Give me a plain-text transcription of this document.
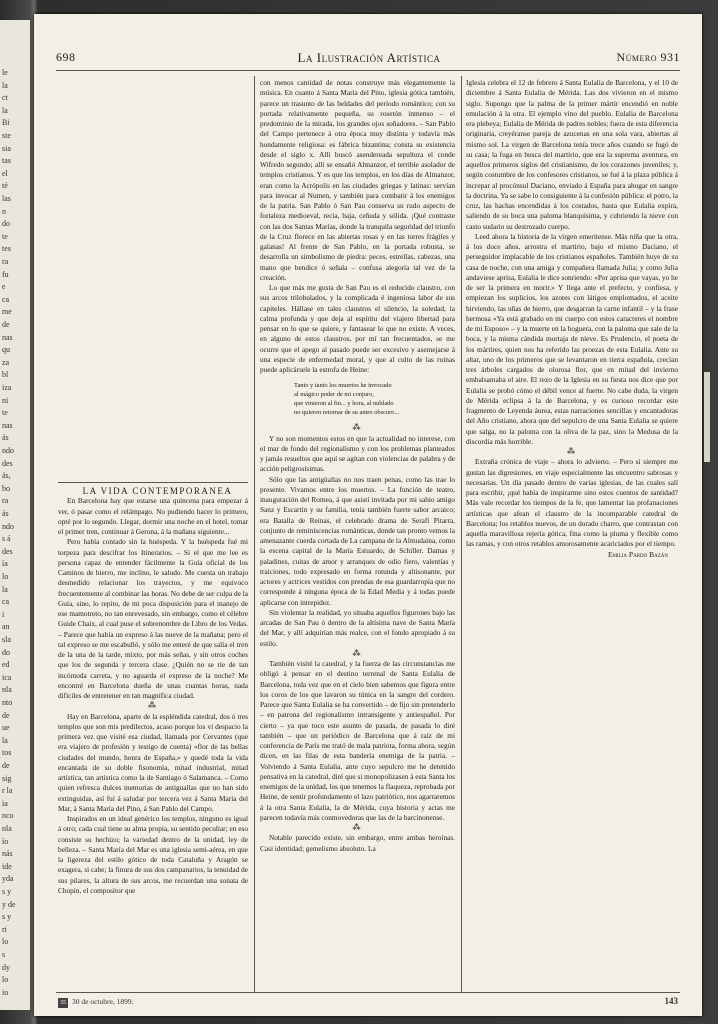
le
la
ct
la
Bi
ste
sia
tas
el
té
las
n
do
te
tes
ra
fu
e
ca
me
de
nas
qu
za
bl
iza
ni
te
nas
ás
ndo
des
ás,
bo
ra
ás
ndo
s á
des
ía
lo
la
ca
i
an
sla
do
ed
ica
nla
nto
de
ue
la
tos
de
sig
r la
ia
nco
nla
ío
nás
ide
yda
s y
y de
s y
ri
lo
s
dy
lo
io
698	La Ilustración Artística	Número 931

LA VIDA CONTEMPORANEA

En Barcelona hay que estarse una quincena para empezar á ver, ó pasar como el relámpago. No pudiendo hacer lo primero, opté por lo segundo. Llegar, dormir una noche en el hotel, tomar el primer tren, continuar á Gerona, á la mañana siguiente...

Pero había contado sin la huéspeda. Y la huéspeda fué mi torpeza para descifrar los Itinerarios. – Si el que me lee es persona capaz de entender fácilmente la Guía oficial de los Caminos de hierro, me inclino, le saludo. Me cuesta un trabajo desmedido relacionar los trayectos, y me equivoco frecuentemente al combinar las horas. No debe de ser culpa de la Guía, sino, lo repito, de mi poca disposición para el manejo de ese mamotreto, no tan enrevesado, sin embargo, como el célebre Guide Chaix, al cual puse el sobrenombre de Libro de los Vedas. – Parece que había un expreso á las nueve de la mañana; pero el tal expreso se me escabulló, y sólo me enteré de que salía el tren de la una de la tarde, mixto, por más señas, y sin otros coches que los de segunda y tercera clase. ¿Quién no se ríe de tan incómoda carreta, y no aguarda el expreso de la noche? Me encontré en Barcelona dueña de unas cuantas horas, nada difíciles de entretener en tan magnífica ciudad.

⁂

Hay en Barcelona, aparte de la espléndida catedral, dos ó tres templos que son mis predilectos, acaso porque los ví despacio la primera vez que visité esa ciudad, llamada por Cervantes (que era viajero de profesión y testigo de cuenta) «flor de las bellas ciudades del mundo, honra de España,» y quedé toda la vida encantada de su doble fisonomía, mitad industrial, mitad artística, tan artística como la de Santiago ó Salamanca. – Como quien refresca dulces memorias de antiguallas que no han sido extinguidas, así fuí á saludar por tercera vez á Santa María del Mar, á Santa María del Pino, á San Pablo del Campo.

Inspirados en un ideal genérico los templos, ninguno es igual á otro; cada cual tiene su alma propia, su sentido peculiar; en eso consiste su hechizo; la variedad dentro de la unidad, ley de belleza. – Santa María del Mar es una iglesia semi-aérea, en que la ligereza del estilo gótico de toda Cataluña y Aragón se exagera, si cabe; la finura de sus dos campanarios, la tenuidad de sus pilares, la altura de sus arcos, me recuerdan una sonata de Chopin, el compositor que

con menos cantidad de notas construye más elegantemente la música. En cuanto á Santa María del Pino, iglesia gótica también, parece un trasunto de las beldades del período romántico; con su portada relativamente pequeña, su rosetón inmenso – el predominio de la mirada, los grandes ojos soñadores. – San Pablo del Campo pertenece á otra época muy distinta y todavía más hondamente religiosa: es fábrica bizantina; consta su existencia desde el siglo x. Allí buscó asendereada sepultura el conde Wifredo segundo; allí se ensañó Almanzor, el terrible asolador de templos cristianos. Y es que los templos, en los días de Almanzor, eran como la Acrópolis en las ciudades griegas y latinas: servían para invocar al Numen, y también para combatir á los enemigos de la patria. San Pablo ó San Pau conserva su rudo aspecto de fortaleza medioeval, recia, baja, ceñuda y sólida. ¡Qué contraste con las dos Santas Marías, donde la tranquila seguridad del triunfo de la Cruz florece en las abiertas rosas y en las torres frágiles y galanas! Al frente de San Pablo, en la portada robusta, se desarrolla un simbolismo de piedra: peces, estrellas, cabezas, una mano que bendice ó señala – confusa alegoría tal vez de la creación.

Lo que más me gusta de San Pau es el reducido claustro, con sus arcos trilobulados, y la complicada é ingeniosa labor de sus capiteles. Hállase en tales claustros el silencio, la soledad, la calma profunda y que deja al espíritu del viajero libertad para pensar en lo que se quiere, y fantasear lo que no existe. A veces, en alguno de estos claustros, por mí tan frecuentados, se me ocurre que el apego al pasado puede ser excesivo y asemejarse á una especie de enfermedad moral, y que al culto de las ruinas puede aplicársele la estrofa de Heine:

Tanto y tanto los muertos he invocado
al mágico poder de mi conjuro,
que vinieron al fin... y hora, al nublado
no quieren retornar de su antro obscuro...

⁂

Y no son momentos estos en que la actualidad no interese, con el mar de fondo del regionalismo y con los problemas planteados y jamás resueltos que aquí se agitan con violencias de palabra y de acción peligrosísimas.

Sólo que las antigüallas no nos traen penas, como las trae lo presente. Vivamos entre los muertos. – La función de teatro, inauguración del Romea, á que asistí invitada por mi sabio amigo Sanz y Escartín y su familia, tenía también fuerte sabor arcaico; era Batalla de Reinas, el celebrado drama de Serafí Pitarra, conjunto de reminiscencias románticas, donde tan pronto vemos la amenazante cuerda cortada de La campana de la Almudaina, como la escena capital de la María Estuardo, de Schiller. Damas y paladines, cuitas de amor y arranques de odio fiero, valentías y traiciones, todo expresado en forma rotunda y altisonante, por actores y actrices vestidos con prendas de esa guardarropía que no corresponde á ninguna época de la Edad Media y á todas puede aplicarse con intrepidez.

Sin violentar la realidad, yo situaba aquellos figurones bajo las arcadas de San Pau ó dentro de la altísima nave de Santa María del Mar, y allí adquirían más realce, con el fondo apropiado á su estilo.

⁂

También visité la catedral, y la fuerza de las circunstancias me obligó á pensar en el destino terrenal de Santa Eulalia de Barcelona, toda vez que en el cielo bien sabemos que figura entre los coros de los que lavaron su túnica en la sangre del cordero. Parece que Santa Eulalia se ha convertido – de fijo sin pretenderlo – en patrona del regionalismo intransigente y antiespañol. Por cierto – ya que toco este asunto de pasada, de pasada lo diré también – que un periódico de Barcelona que á raíz de mi conferencia de París me trató de mala patriota, forma ahora, según dicen, en las filas de esta bandería enemiga de la patria. – Volviendo á Santa Eulalia, ante cuyo sepulcro me he detenido pensativa en la catedral, diré que si monopolizasen á esta Santa los enemigos de la unidad, los que tenemos la flaqueza, reprobada por Heine, de sentir profundamente el lazo patriótico, nos agarraremos á la otra Santa Eulalia, la de Mérida, cuya historia y actas me parecen todavía más conmovedoras que las de la barcinonense.

⁂

Notable parecido existe, sin embargo, entre ambas heroínas. Casi identidad; gemelismo absoluto. La

Iglesia celebra el 12 de febrero á Santa Eulalia de Barcelona, y el 10 de diciembre á Santa Eulalia de Mérida. Las dos vivieron en el mismo siglo. Supongo que la palma de la primer mártir encendió en noble emulación á la otra. El ejemplo vino del pueblo. Eulalia de Barcelona era plebeya; Eulalia de Mérida de padres nobles; fuera de esta diferencia originaria, creyéranse pareja de azucenas en una sola vara, abiertas al mismo sol. La virgen de Barcelona tenía trece años cuando se fugó de su casa; la fuga en busca del martirio, que era la suprema aventura, en aquellos primeros siglos del cristianismo, de los corazones juveniles; y, según costumbre de los confesores cristianos, se fué á la plaza pública á increpar al procónsul Daciano, enviado á España para ahogar en sangre la doctrina. Ya se sabe lo consiguiente á la confesión pública: el potro, la cruz, las hachas encendidas á los costados, hasta que Eulalia expira, saliendo de su boca una paloma blanquísima, y cubriendo la nieve con casto sudario su destrozado cuerpo.

Leed ahora la historia de la virgen emeritense. Más niña que la otra, á los doce años, arrostra el martirio, bajo el mismo Daciano, el perseguidor implacable de los cristianos españoles. También huye de su casa de noche, con una amiga y compañera llamada Julia; y como Julia andaviese aprisa, Eulalia le dice sonriendo: «Por aprisa que vayas, yo he de ser la primera en morir.» Y llega ante el prefecto, y confiesa, y empiezan los suplicios, los azotes con látigos emplomados, el aceite hirviendo, las uñas de hierro, que desgarran la carne infantil – y la frase hermosa «Ya está grabado en mi cuerpo con estos caracteres el nombre de mi Esposo» – y la muerte en la hoguera, con la paloma que sale de la boca, y la misma cándida mortaja de nieve. Es Prudencio, el poeta de los mártires, quien nos ha referido las proezas de esta Eulalia. Ante su altar, uno de los primeros que se levantaron en tierra española, crecían tres árboles cargados de olorosa flor, que en mitad del invierno embalsamaba el aire. El rezo de la Iglesia en su fiesta nos dice que por Eulalia se probó cómo el débil vence al fuerte. No cabe duda, la virgen de Mérida eclipsa á la de Barcelona, y es curioso recordar este fragmento de Leyenda áurea, estas narraciones sencillas y encantadoras del Año cristiano, ahora que del sepulcro de una Santa Eulalia se quiere que salga, no la paloma con la oliva de la paz, sino la Medusa de la discordia más horrible.

⁂

Extraña crónica de viaje – ahora lo advierto. – Pero si siempre me gustan las digresiones, en viaje especialmente las encuentro sabrosas y necesarias. Un día pasado dentro de varias iglesias, de las cuales salí para escribir, ¡qué había de inspirarme sino estos cuentos de santidad? Más vale recordar los tiempos de la fe, que lamentar las profanaciones artísticas que afean el claustro de la incomparable catedral de Barcelona; los retablos nuevos, de un dorado charro, que contrastan con aquella maravillosa rejería gótica, fina como la pluma y flexible como las ramas, y con otros retablos amorosamente acariciados por el tiempo.

Emilia Pardo Bazán

35 30 de octubre, 1899.	143
